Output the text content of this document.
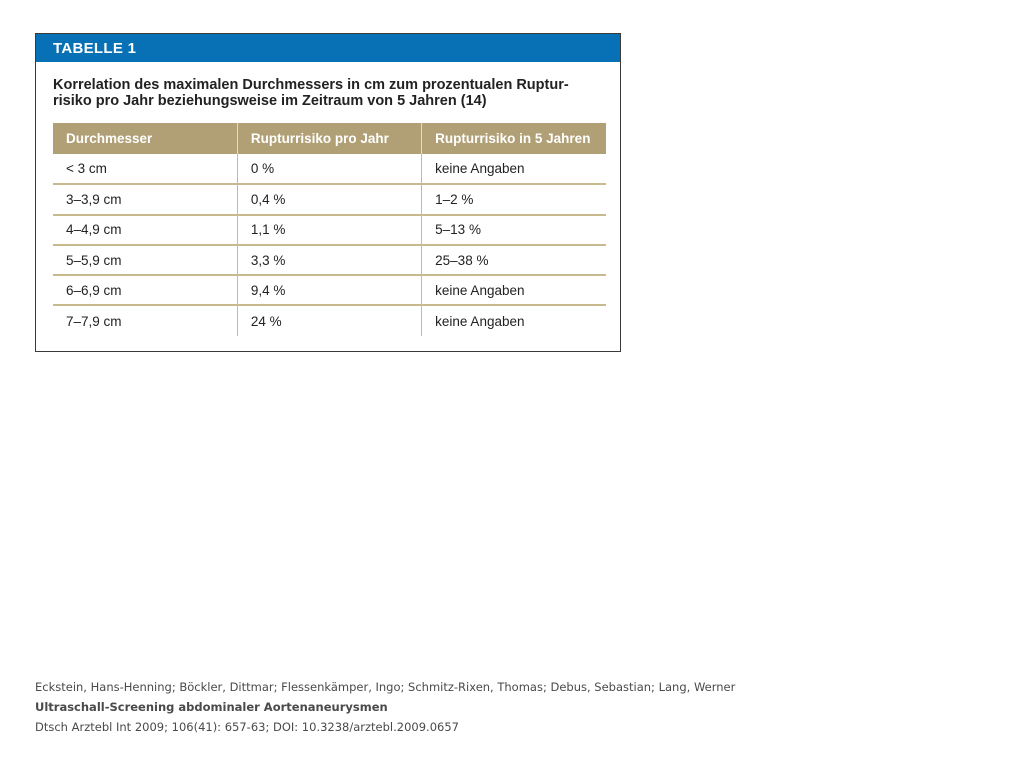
TABELLE 1
Korrelation des maximalen Durchmessers in cm zum prozentualen Ruptur-risiko pro Jahr beziehungsweise im Zeitraum von 5 Jahren (14)
Durchmesser	Rupturrisiko pro Jahr	Rupturrisiko in 5 Jahren
< 3 cm	0 %	keine Angaben
3–3,9 cm	0,4 %	1–2 %
4–4,9 cm	1,1 %	5–13 %
5–5,9 cm	3,3 %	25–38 %
6–6,9 cm	9,4 %	keine Angaben
7–7,9 cm	24 %	keine Angaben
Eckstein, Hans-Henning; Böckler, Dittmar; Flessenkämper, Ingo; Schmitz-Rixen, Thomas; Debus, Sebastian; Lang, Werner
Ultraschall-Screening abdominaler Aortenaneurysmen
Dtsch Arztebl Int 2009; 106(41): 657-63; DOI: 10.3238/arztebl.2009.0657
